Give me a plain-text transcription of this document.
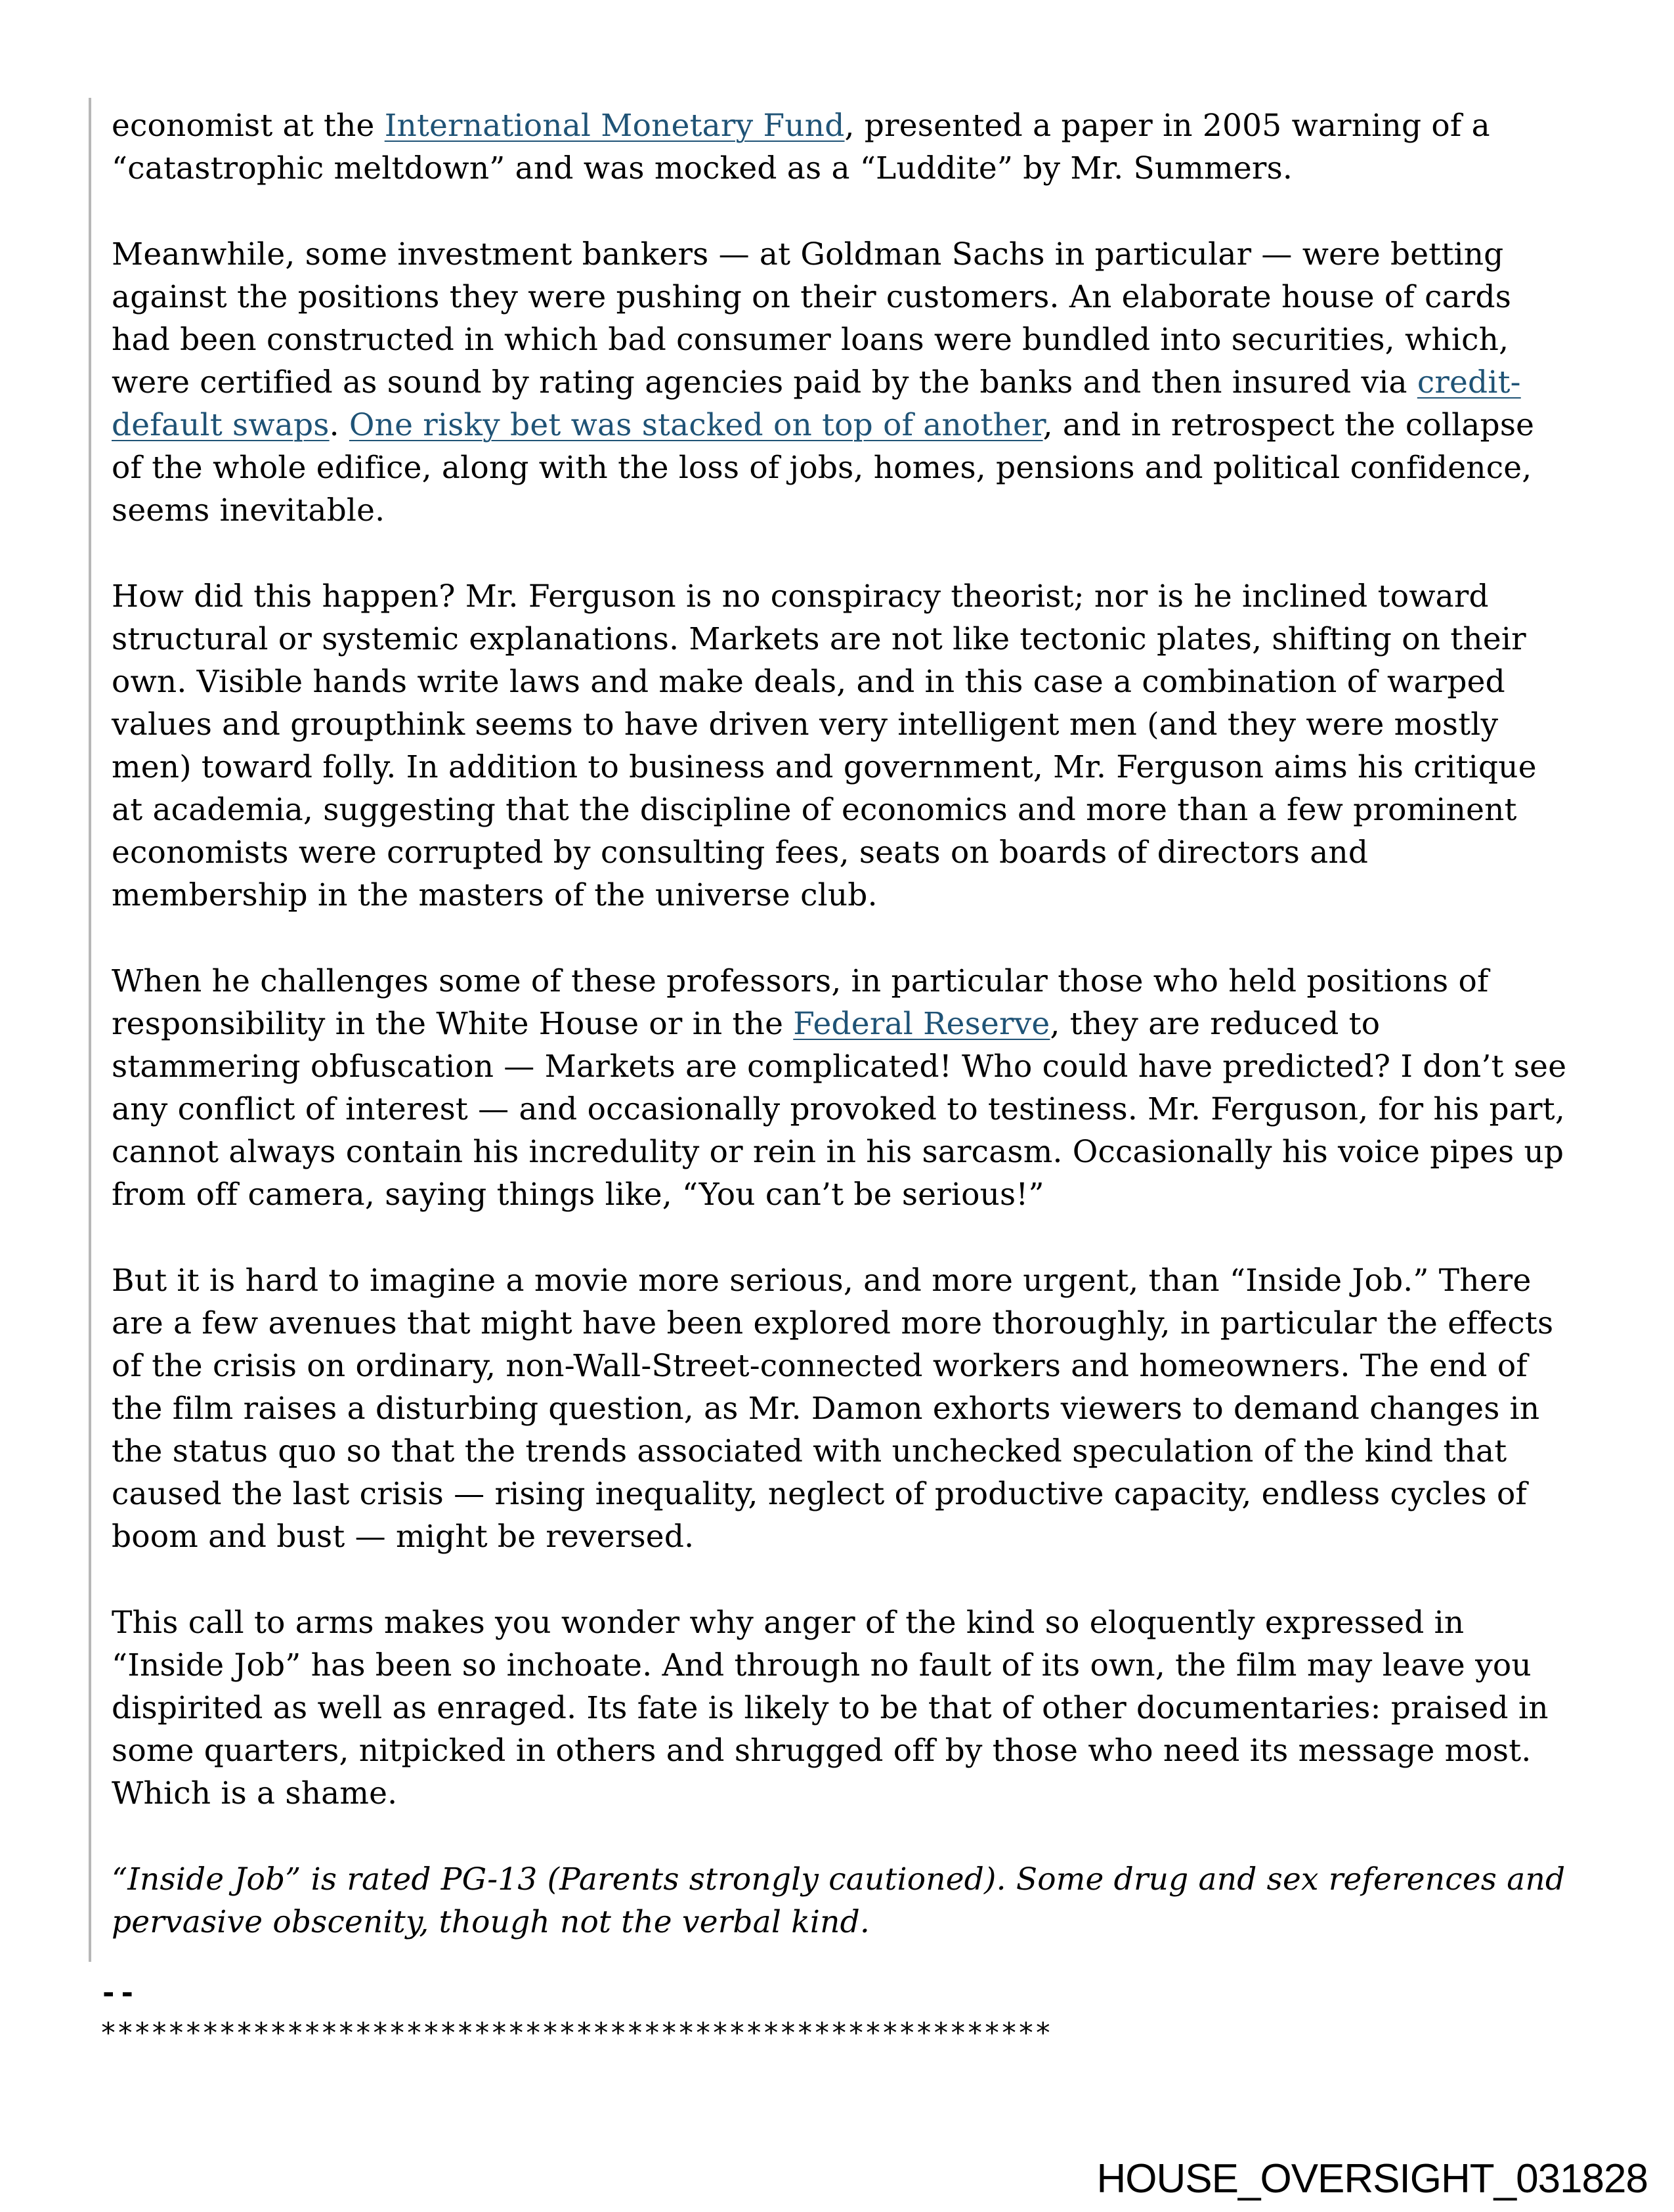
economist at the International Monetary Fund, presented a paper in 2005 warning of a “catastrophic meltdown” and was mocked as a “Luddite” by Mr. Summers.

Meanwhile, some investment bankers — at Goldman Sachs in particular — were betting against the positions they were pushing on their customers. An elaborate house of cards had been constructed in which bad consumer loans were bundled into securities, which, were certified as sound by rating agencies paid by the banks and then insured via credit-default swaps. One risky bet was stacked on top of another, and in retrospect the collapse of the whole edifice, along with the loss of jobs, homes, pensions and political confidence, seems inevitable.

How did this happen? Mr. Ferguson is no conspiracy theorist; nor is he inclined toward structural or systemic explanations. Markets are not like tectonic plates, shifting on their own. Visible hands write laws and make deals, and in this case a combination of warped values and groupthink seems to have driven very intelligent men (and they were mostly men) toward folly. In addition to business and government, Mr. Ferguson aims his critique at academia, suggesting that the discipline of economics and more than a few prominent economists were corrupted by consulting fees, seats on boards of directors and membership in the masters of the universe club.

When he challenges some of these professors, in particular those who held positions of responsibility in the White House or in the Federal Reserve, they are reduced to stammering obfuscation — Markets are complicated! Who could have predicted? I don’t see any conflict of interest — and occasionally provoked to testiness. Mr. Ferguson, for his part, cannot always contain his incredulity or rein in his sarcasm. Occasionally his voice pipes up from off camera, saying things like, “You can’t be serious!”

But it is hard to imagine a movie more serious, and more urgent, than “Inside Job.” There are a few avenues that might have been explored more thoroughly, in particular the effects of the crisis on ordinary, non-Wall-Street-connected workers and homeowners. The end of the film raises a disturbing question, as Mr. Damon exhorts viewers to demand changes in the status quo so that the trends associated with unchecked speculation of the kind that caused the last crisis — rising inequality, neglect of productive capacity, endless cycles of boom and bust — might be reversed.

This call to arms makes you wonder why anger of the kind so eloquently expressed in “Inside Job” has been so inchoate. And through no fault of its own, the film may leave you dispirited as well as enraged. Its fate is likely to be that of other documentaries: praised in some quarters, nitpicked in others and shrugged off by those who need its message most. Which is a shame.

“Inside Job” is rated PG-13 (Parents strongly cautioned). Some drug and sex references and pervasive obscenity, though not the verbal kind.

--
********************************************************
HOUSE_OVERSIGHT_031828
